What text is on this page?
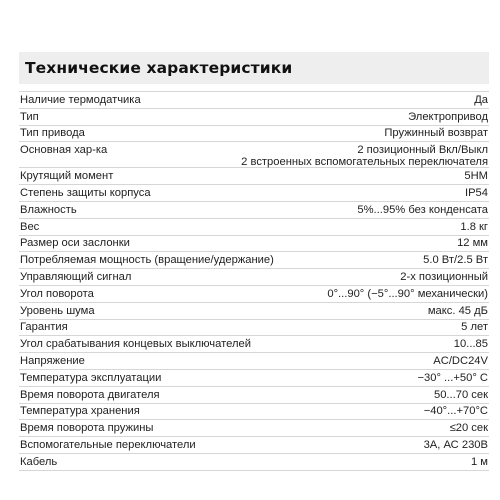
Технические характеристики
Наличие термодатчика	Да
Тип	Электропривод
Тип привода	Пружинный возврат
Основная хар-ка	2 позиционный Вкл/Выкл
2 встроенных вспомогательных переключателя
Крутящий момент	5НМ
Степень защиты корпуса	IP54
Влажность	5%...95% без конденсата
Вес	1.8 кг
Размер оси заслонки	12 мм
Потребляемая мощность (вращение/удержание)	5.0 Вт/2.5 Вт
Управляющий сигнал	2-х позиционный
Угол поворота	0°...90° (−5°...90° механически)
Уровень шума	макс. 45 дБ
Гарантия	5 лет
Угол срабатывания концевых выключателей	10...85
Напряжение	AC/DC24V
Температура эксплуатации	−30° ...+50° С
Время поворота двигателя	50...70 сек
Температура хранения	−40°...+70°С
Время поворота пружины	≤20 сек
Вспомогательные переключатели	3А, АС 230В
Кабель	1 м
